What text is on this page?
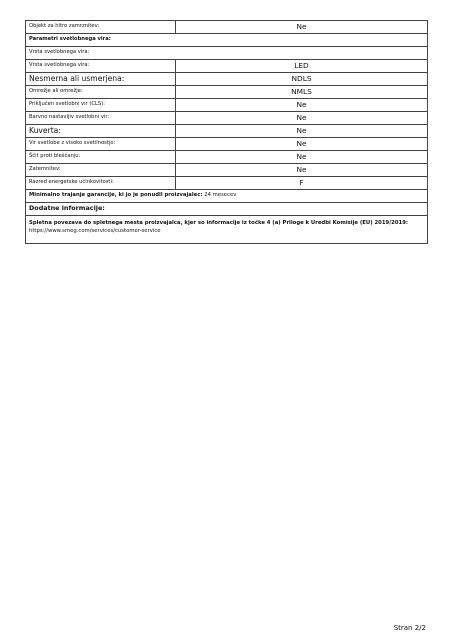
Objekt za hitro zamrznitev:	Ne
Parametri svetlobnega vira:	
Vrsta svetlobnega vira:	
Vrsta svetlobnega vira:	LED
Nesmerna ali usmerjena:	NDLS
Omrežje ali omrežje:	NMLS
Priključen svetlobni vir (CLS):	Ne
Barvno nastavljiv svetlobni vir:	Ne
Kuverta:	Ne
Vir svetlobe z visoko svetilnostjo:	Ne
Ščit proti bleščanju:	Ne
Zatemnitev:	Ne
Razred energetske učinkovitosti:	F
Minimalno trajanje garancije, ki jo je ponudil proizvajalec: 24 mesecev	
Dodatne informacije:	
Spletna povezava do spletnega mesta proizvajalca, kjer so informacije iz točke 4 (a) Priloge k Uredbi Komisije (EU) 2019/2019:
https://www.smeg.com/services/customer-service	
Stran 2/2
